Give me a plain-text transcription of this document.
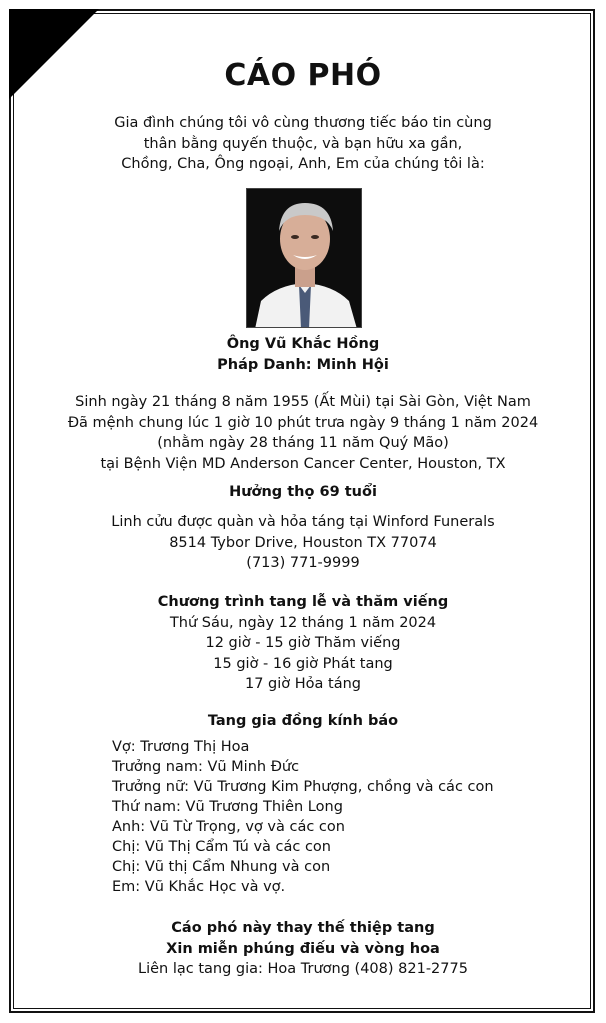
CÁO PHÓ
Gia đình chúng tôi vô cùng thương tiếc báo tin cùng
thân bằng quyến thuộc, và bạn hữu xa gần,
Chồng, Cha, Ông ngoại, Anh, Em của chúng tôi là:
Ông Vũ Khắc Hồng
Pháp Danh: Minh Hội
Sinh ngày 21 tháng 8 năm 1955 (Ất Mùi) tại Sài Gòn, Việt Nam
Đã mệnh chung lúc 1 giờ 10 phút trưa ngày 9 tháng 1 năm 2024
(nhằm ngày 28 tháng 11 năm Quý Mão)
tại Bệnh Viện MD Anderson Cancer Center, Houston, TX
Hưởng thọ 69 tuổi
Linh cửu được quàn và hỏa táng tại Winford Funerals
8514 Tybor Drive, Houston TX 77074
(713) 771-9999
Chương trình tang lễ và thăm viếng
Thứ Sáu, ngày 12 tháng 1 năm 2024
12 giờ - 15 giờ Thăm viếng
15 giờ - 16 giờ Phát tang
17 giờ Hỏa táng
Tang gia đồng kính báo
Vợ: Trương Thị Hoa
Trưởng nam: Vũ Minh Đức
Trưởng nữ: Vũ Trương Kim Phượng, chồng và các con
Thứ nam: Vũ Trương Thiên Long
Anh: Vũ Từ Trọng, vợ và các con
Chị: Vũ Thị Cẩm Tú và các con
Chị: Vũ thị Cẩm Nhung và con
Em: Vũ Khắc Học và vợ.
Cáo phó này thay thế thiệp tang
Xin miễn phúng điếu và vòng hoa
Liên lạc tang gia: Hoa Trương (408) 821-2775
